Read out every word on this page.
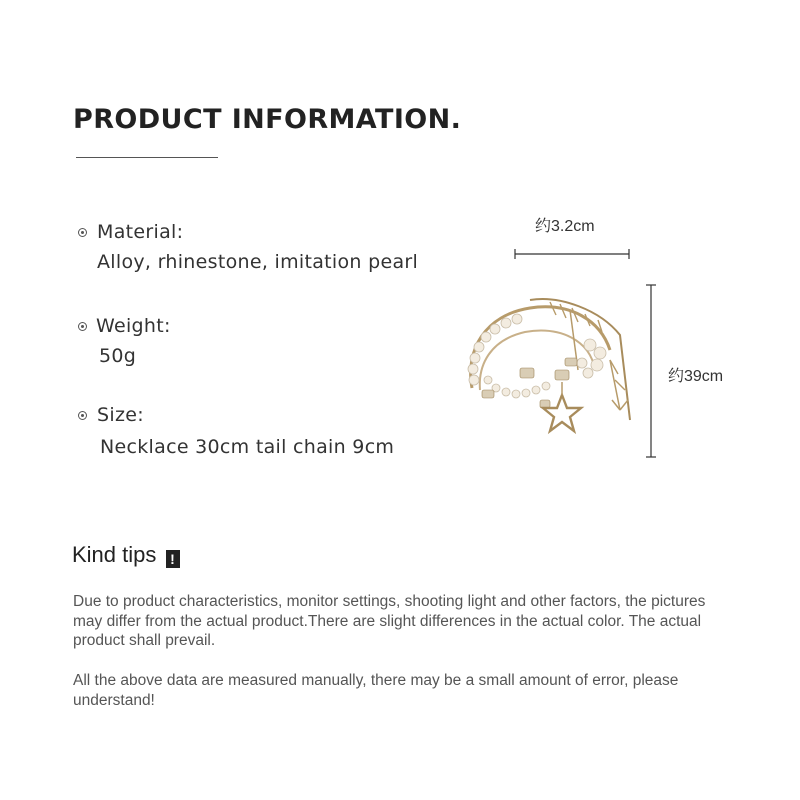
PRODUCT INFORMATION.
Material:
Alloy, rhinestone, imitation pearl
Weight:
50g
Size:
Necklace 30cm tail chain 9cm
约3.2cm
约39cm
Kind tips !

Due to product characteristics, monitor settings, shooting light and other factors, the pictures may differ from the actual product.There are slight differences in the actual color. The actual product shall prevail.

All the above data are measured manually, there may be a small amount of error, please understand!
